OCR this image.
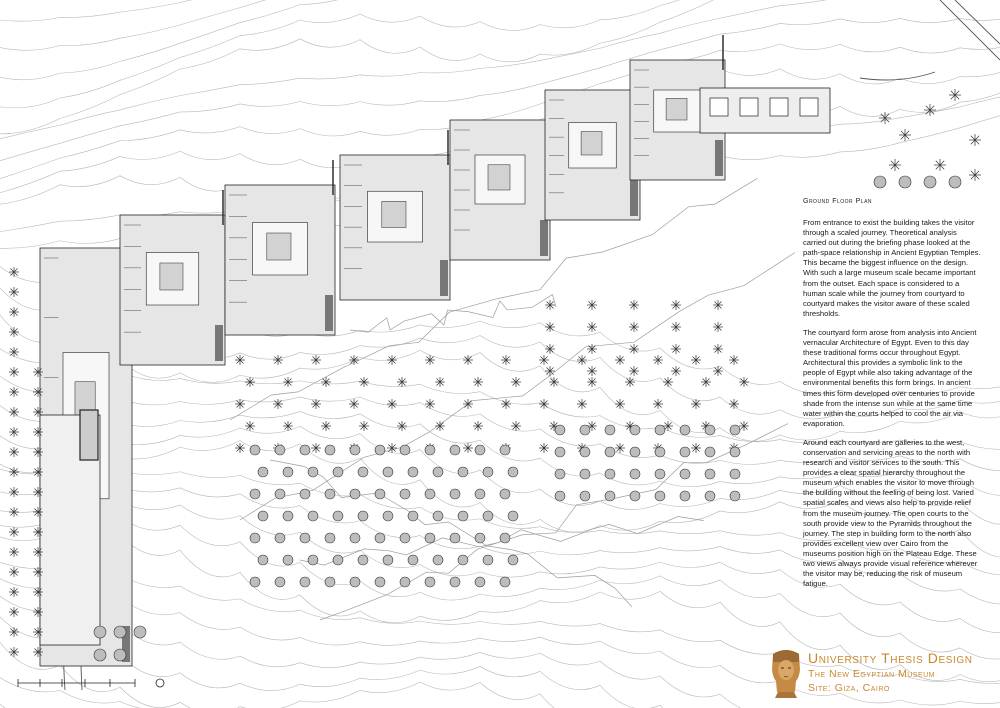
Ground Floor Plan

From entrance to exist the building takes the visitor through a scaled journey. Theoretical analysis carried out during the briefing phase looked at the path-space relationship in Ancient Egyptian Temples. This became the biggest influence on the design. With such a large museum scale became important from the outset. Each space is considered to a human scale while the journey from courtyard to courtyard makes the visitor aware of these scaled thresholds.

The courtyard form arose from analysis into Ancient vernacular Architecture of Egypt. Even to this day these traditional forms occur throughout Egypt. Architectural this provides a symbolic link to the people of Egypt while also taking advantage of the environmental benefits this form brings. In ancient times this form developed over centuries to provide shade from the intense sun while at the same time water within the courts helped to cool the air via evaporation.

Around each courtyard are galleries to the west, conservation and servicing areas to the north with research and visitor services to the south. This provides a clear spatial hierarchy throughout the museum which enables the visitor to move through the building without the feeling of being lost. Varied spatial scales and views also help to provide relief from the museum journey. The open courts to the south provide view to the Pyramids throughout the journey. The step in building form to the north also provides excellent view over Cairo from the museums position high on the Plateau Edge. These two views always provide visual reference wherever the visitor may be, reducing the risk of museum fatigue.

University Thesis Design
The New Egyptian Museum
Site: Giza, Cairo
